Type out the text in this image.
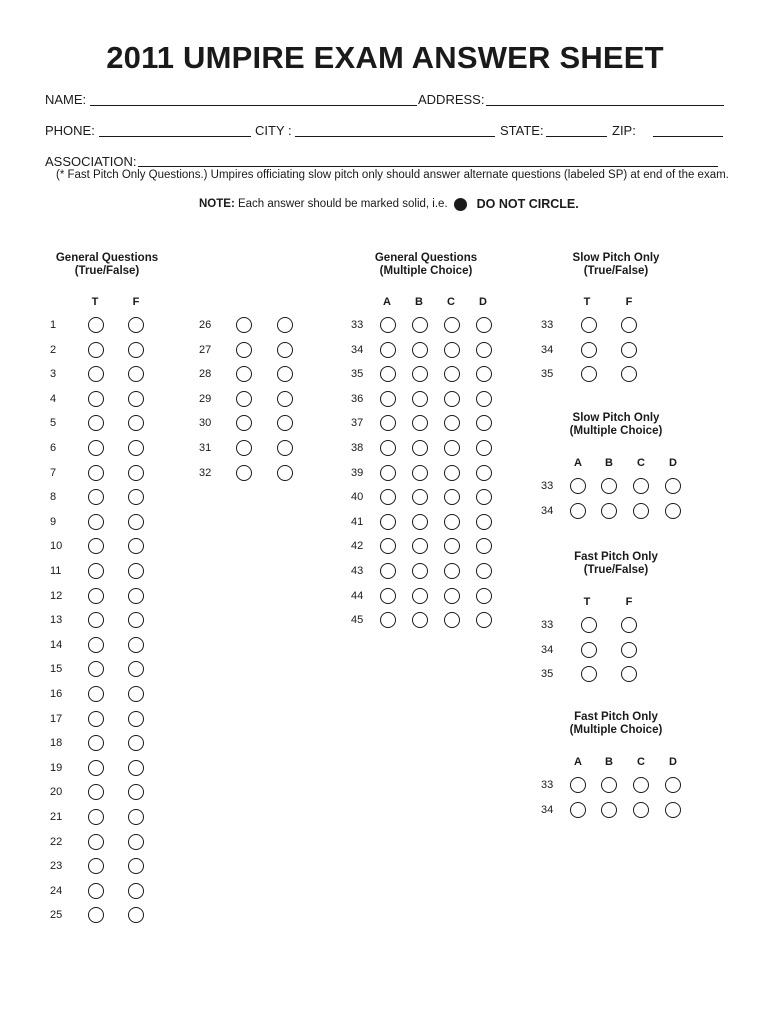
2011 UMPIRE EXAM ANSWER SHEET
NAME:	ADDRESS:
PHONE:	CITY :	STATE:	ZIP:
ASSOCIATION:
(* Fast Pitch Only Questions.) Umpires officiating slow pitch only should answer alternate questions (labeled SP) at end of the exam.
NOTE:
Each answer should be marked solid, i.e. DO NOT CIRCLE.
General Questions
(True/False)
T	F
1
2
3
4
5
6
7
8
9
10
11
12
13
14
15
16
17
18
19
20
21
22
23
24
25
26
27
28
29
30
31
32
General Questions
(Multiple Choice)
A	B	C	D
33
34
35
36
37
38
39
40
41
42
43
44
45
Slow Pitch Only
(True/False)
T	F
33
34
35
Slow Pitch Only
(Multiple Choice)
A	B	C	D
33
34
Fast Pitch Only
(True/False)
T	F
33
34
35
Fast Pitch Only
(Multiple Choice)
A	B	C	D
33
34
